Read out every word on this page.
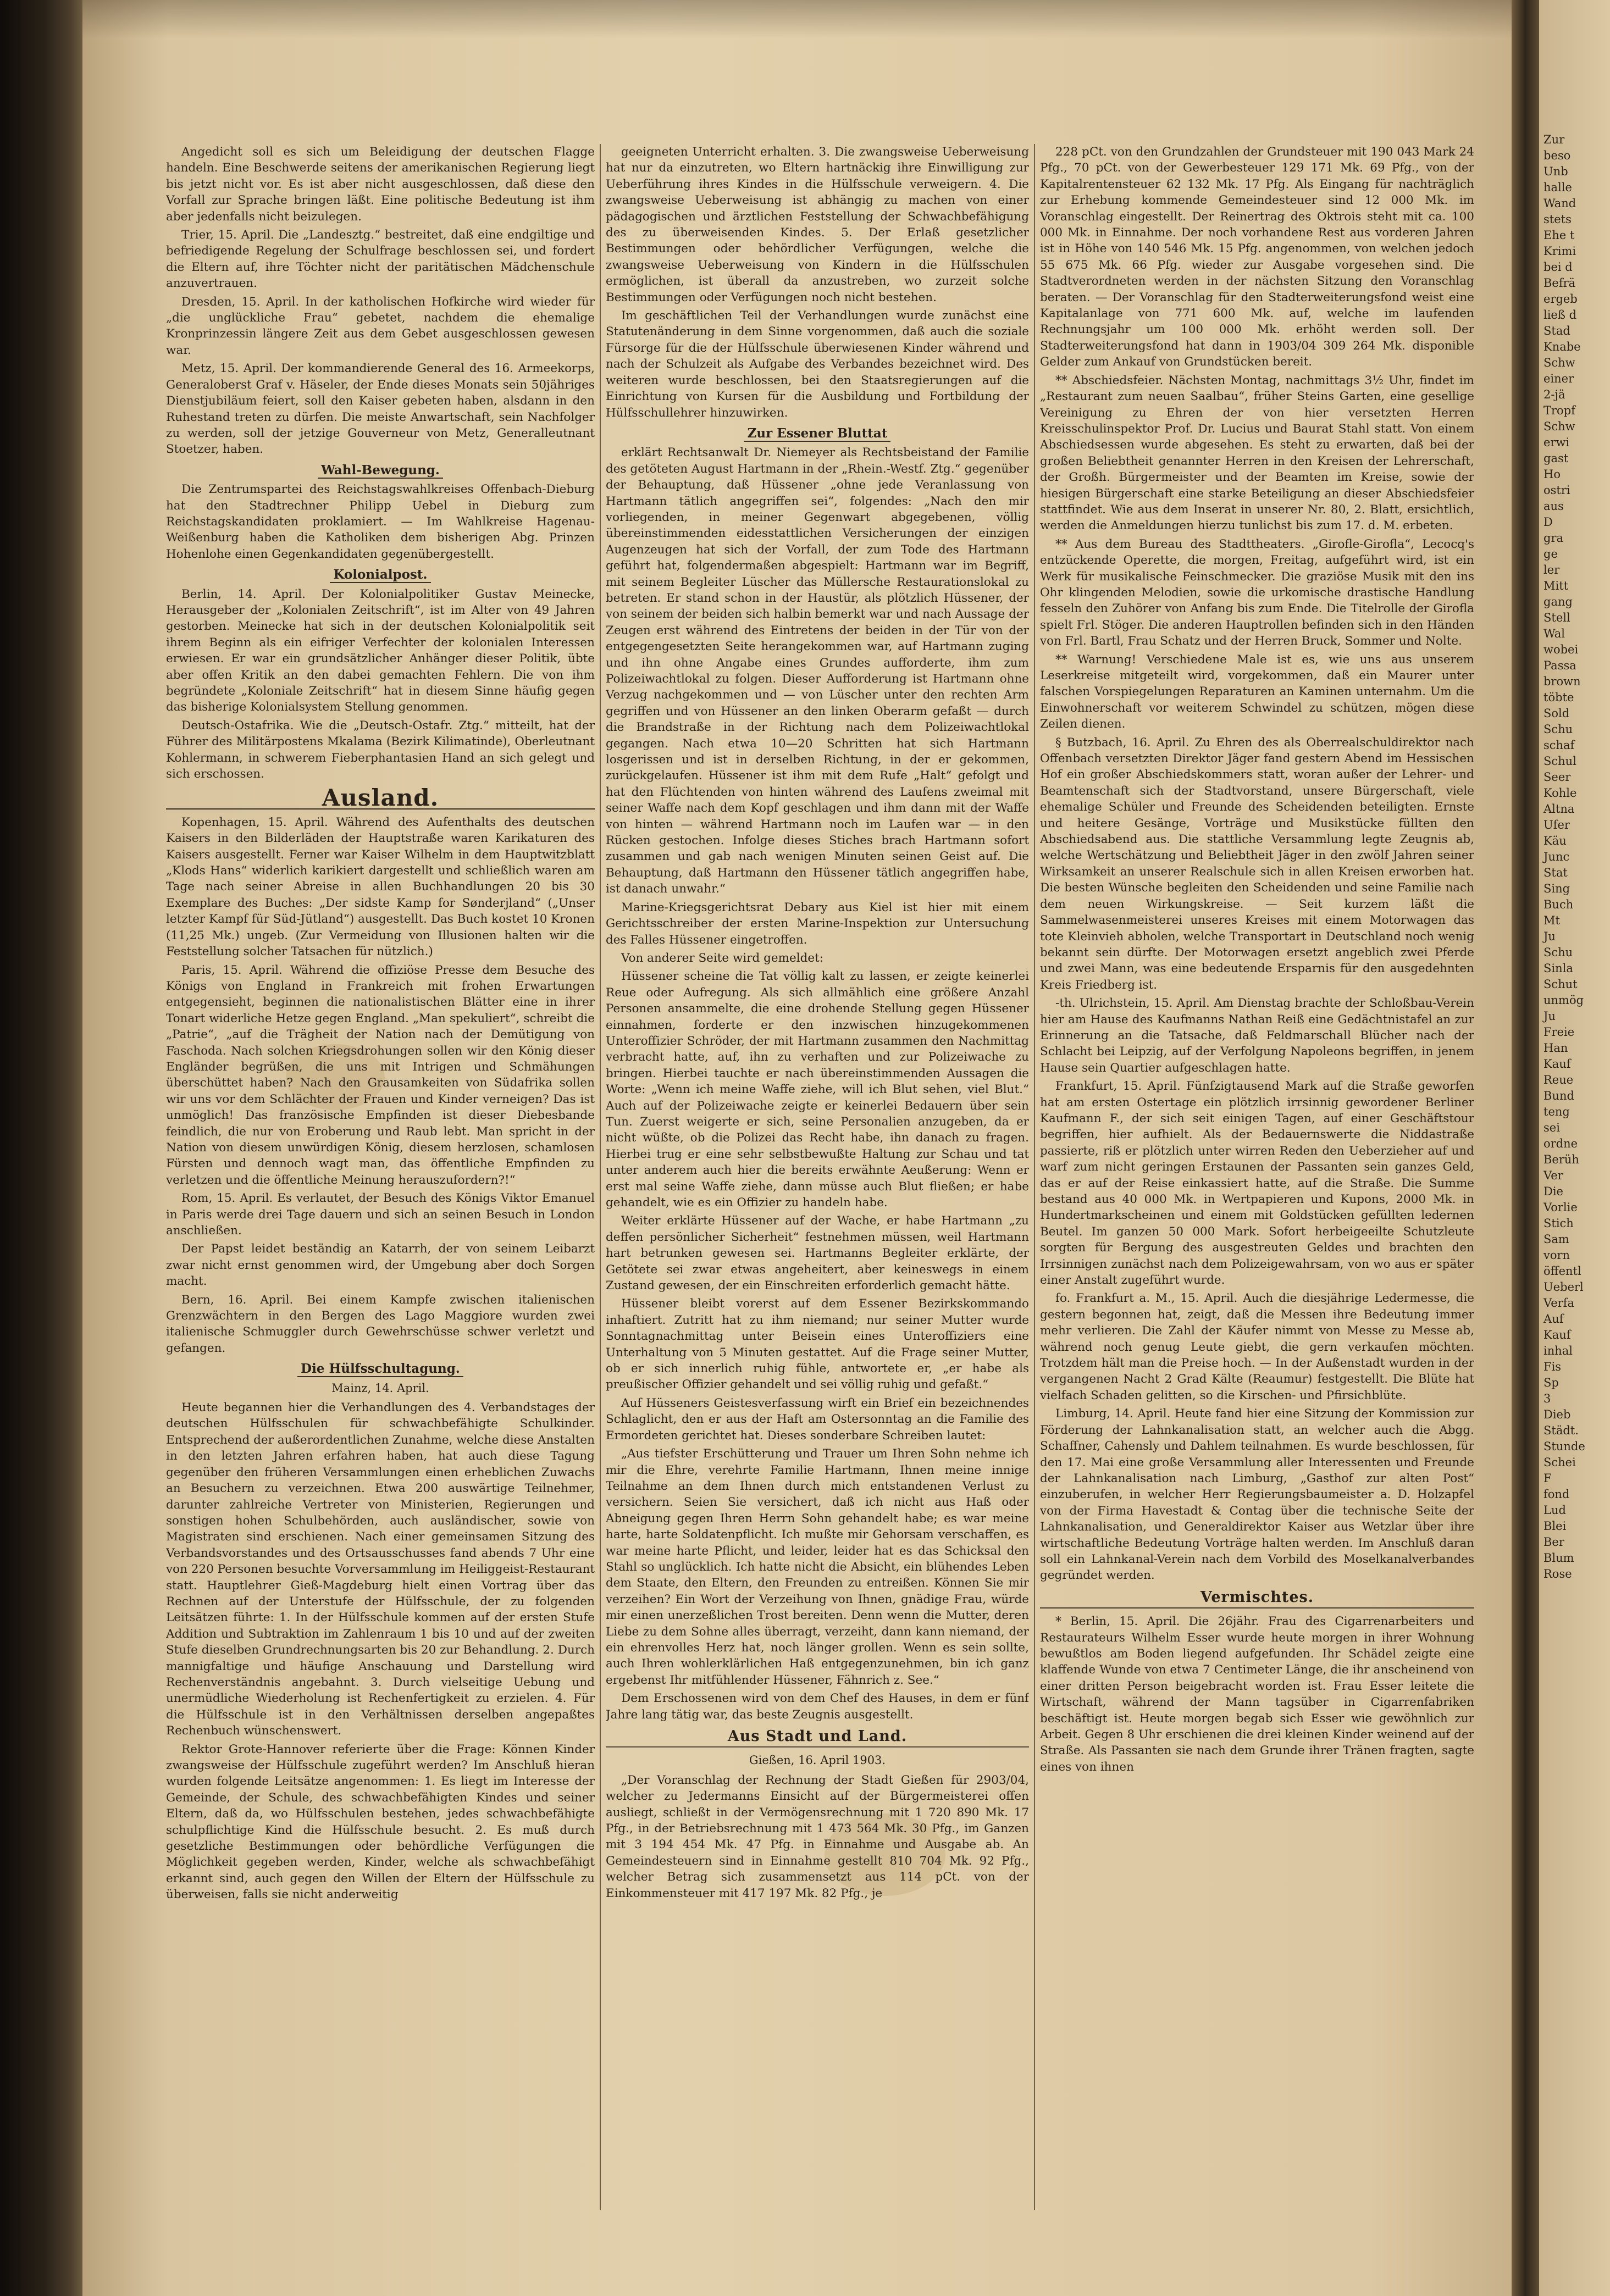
Angedicht soll es sich um Beleidigung der deutschen Flagge handeln. Eine Beschwerde seitens der amerikanischen Regierung liegt bis jetzt nicht vor. Es ist aber nicht ausgeschlossen, daß diese den Vorfall zur Sprache bringen läßt. Eine politische Bedeutung ist ihm aber jedenfalls nicht beizulegen.

Trier, 15. April. Die „Landesztg.“ bestreitet, daß eine endgiltige und befriedigende Regelung der Schulfrage beschlossen sei, und fordert die Eltern auf, ihre Töchter nicht der paritätischen Mädchenschule anzuvertrauen.

Dresden, 15. April. In der katholischen Hofkirche wird wieder für „die unglückliche Frau“ gebetet, nachdem die ehemalige Kronprinzessin längere Zeit aus dem Gebet ausgeschlossen gewesen war.

Metz, 15. April. Der kommandierende General des 16. Armeekorps, Generaloberst Graf v. Häseler, der Ende dieses Monats sein 50jähriges Dienstjubiläum feiert, soll den Kaiser gebeten haben, alsdann in den Ruhestand treten zu dürfen. Die meiste Anwartschaft, sein Nachfolger zu werden, soll der jetzige Gouverneur von Metz, Generalleutnant Stoetzer, haben.

Wahl-Bewegung.

Die Zentrumspartei des Reichstagswahlkreises Offenbach-Dieburg hat den Stadtrechner Philipp Uebel in Dieburg zum Reichstagskandidaten proklamiert. — Im Wahlkreise Hagenau-Weißenburg haben die Katholiken dem bisherigen Abg. Prinzen Hohenlohe einen Gegenkandidaten gegenübergestellt.

Kolonialpost.

Berlin, 14. April. Der Kolonialpolitiker Gustav Meinecke, Herausgeber der „Kolonialen Zeitschrift“, ist im Alter von 49 Jahren gestorben. Meinecke hat sich in der deutschen Kolonialpolitik seit ihrem Beginn als ein eifriger Verfechter der kolonialen Interessen erwiesen. Er war ein grundsätzlicher Anhänger dieser Politik, übte aber offen Kritik an den dabei gemachten Fehlern. Die von ihm begründete „Koloniale Zeitschrift“ hat in diesem Sinne häufig gegen das bisherige Kolonialsystem Stellung genommen.

Deutsch-Ostafrika. Wie die „Deutsch-Ostafr. Ztg.“ mitteilt, hat der Führer des Militärpostens Mkalama (Bezirk Kilimatinde), Oberleutnant Kohlermann, in schwerem Fieberphantasien Hand an sich gelegt und sich erschossen.

Ausland.

Kopenhagen, 15. April. Während des Aufenthalts des deutschen Kaisers in den Bilderläden der Hauptstraße waren Karikaturen des Kaisers ausgestellt. Ferner war Kaiser Wilhelm in dem Hauptwitzblatt „Klods Hans“ widerlich karikiert dargestellt und schließlich waren am Tage nach seiner Abreise in allen Buchhandlungen 20 bis 30 Exemplare des Buches: „Der sidste Kamp for Sønderjland“ („Unser letzter Kampf für Süd-Jütland“) ausgestellt. Das Buch kostet 10 Kronen (11,25 Mk.) ungeb. (Zur Vermeidung von Illusionen halten wir die Feststellung solcher Tatsachen für nützlich.)

Paris, 15. April. Während die offiziöse Presse dem Besuche des Königs von England in Frankreich mit frohen Erwartungen entgegensieht, beginnen die nationalistischen Blätter eine in ihrer Tonart widerliche Hetze gegen England. „Man spekuliert“, schreibt die „Patrie“, „auf die Trägheit der Nation nach der Demütigung von Faschoda. Nach solchen Kriegsdrohungen sollen wir den König dieser Engländer begrüßen, die uns mit Intrigen und Schmähungen überschüttet haben? Nach den Grausamkeiten von Südafrika sollen wir uns vor dem Schlächter der Frauen und Kinder verneigen? Das ist unmöglich! Das französische Empfinden ist dieser Diebesbande feindlich, die nur von Eroberung und Raub lebt. Man spricht in der Nation von diesem unwürdigen König, diesem herzlosen, schamlosen Fürsten und dennoch wagt man, das öffentliche Empfinden zu verletzen und die öffentliche Meinung herauszufordern?!“

Rom, 15. April. Es verlautet, der Besuch des Königs Viktor Emanuel in Paris werde drei Tage dauern und sich an seinen Besuch in London anschließen.

Der Papst leidet beständig an Katarrh, der von seinem Leibarzt zwar nicht ernst genommen wird, der Umgebung aber doch Sorgen macht.

Bern, 16. April. Bei einem Kampfe zwischen italienischen Grenzwächtern in den Bergen des Lago Maggiore wurden zwei italienische Schmuggler durch Gewehrschüsse schwer verletzt und gefangen.

Die Hülfsschultagung.
Mainz, 14. April.

Heute begannen hier die Verhandlungen des 4. Verbandstages der deutschen Hülfsschulen für schwachbefähigte Schulkinder. Entsprechend der außerordentlichen Zunahme, welche diese Anstalten in den letzten Jahren erfahren haben, hat auch diese Tagung gegenüber den früheren Versammlungen einen erheblichen Zuwachs an Besuchern zu verzeichnen. Etwa 200 auswärtige Teilnehmer, darunter zahlreiche Vertreter von Ministerien, Regierungen und sonstigen hohen Schulbehörden, auch ausländischer, sowie von Magistraten sind erschienen. Nach einer gemeinsamen Sitzung des Verbandsvorstandes und des Ortsausschusses fand abends 7 Uhr eine von 220 Personen besuchte Vorversammlung im Heiliggeist-Restaurant statt. Hauptlehrer Gieß-Magdeburg hielt einen Vortrag über das Rechnen auf der Unterstufe der Hülfsschule, der zu folgenden Leitsätzen führte: 1. In der Hülfsschule kommen auf der ersten Stufe Addition und Subtraktion im Zahlenraum 1 bis 10 und auf der zweiten Stufe dieselben Grundrechnungsarten bis 20 zur Behandlung. 2. Durch mannigfaltige und häufige Anschauung und Darstellung wird Rechenverständnis angebahnt. 3. Durch vielseitige Uebung und unermüdliche Wiederholung ist Rechenfertigkeit zu erzielen. 4. Für die Hülfsschule ist in den Verhältnissen derselben angepaßtes Rechenbuch wünschenswert.

Rektor Grote-Hannover referierte über die Frage: Können Kinder zwangsweise der Hülfsschule zugeführt werden? Im Anschluß hieran wurden folgende Leitsätze angenommen: 1. Es liegt im Interesse der Gemeinde, der Schule, des schwachbefähigten Kindes und seiner Eltern, daß da, wo Hülfsschulen bestehen, jedes schwachbefähigte schulpflichtige Kind die Hülfsschule besucht. 2. Es muß durch gesetzliche Bestimmungen oder behördliche Verfügungen die Möglichkeit gegeben werden, Kinder, welche als schwachbefähigt erkannt sind, auch gegen den Willen der Eltern der Hülfsschule zu überweisen, falls sie nicht anderweitig

geeigneten Unterricht erhalten. 3. Die zwangsweise Ueberweisung hat nur da einzutreten, wo Eltern hartnäckig ihre Einwilligung zur Ueberführung ihres Kindes in die Hülfsschule verweigern. 4. Die zwangsweise Ueberweisung ist abhängig zu machen von einer pädagogischen und ärztlichen Feststellung der Schwachbefähigung des zu überweisenden Kindes. 5. Der Erlaß gesetzlicher Bestimmungen oder behördlicher Verfügungen, welche die zwangsweise Ueberweisung von Kindern in die Hülfsschulen ermöglichen, ist überall da anzustreben, wo zurzeit solche Bestimmungen oder Verfügungen noch nicht bestehen.

Im geschäftlichen Teil der Verhandlungen wurde zunächst eine Statutenänderung in dem Sinne vorgenommen, daß auch die soziale Fürsorge für die der Hülfsschule überwiesenen Kinder während und nach der Schulzeit als Aufgabe des Verbandes bezeichnet wird. Des weiteren wurde beschlossen, bei den Staatsregierungen auf die Einrichtung von Kursen für die Ausbildung und Fortbildung der Hülfsschullehrer hinzuwirken.

Zur Essener Bluttat

erklärt Rechtsanwalt Dr. Niemeyer als Rechtsbeistand der Familie des getöteten August Hartmann in der „Rhein.-Westf. Ztg.“ gegenüber der Behauptung, daß Hüssener „ohne jede Veranlassung von Hartmann tätlich angegriffen sei“, folgendes: „Nach den mir vorliegenden, in meiner Gegenwart abgegebenen, völlig übereinstimmenden eidesstattlichen Versicherungen der einzigen Augenzeugen hat sich der Vorfall, der zum Tode des Hartmann geführt hat, folgendermaßen abgespielt: Hartmann war im Begriff, mit seinem Begleiter Lüscher das Müllersche Restaurationslokal zu betreten. Er stand schon in der Haustür, als plötzlich Hüssener, der von seinem der beiden sich halbin bemerkt war und nach Aussage der Zeugen erst während des Eintretens der beiden in der Tür von der entgegengesetzten Seite herangekommen war, auf Hartmann zuging und ihn ohne Angabe eines Grundes aufforderte, ihm zum Polizeiwachtlokal zu folgen. Dieser Aufforderung ist Hartmann ohne Verzug nachgekommen und — von Lüscher unter den rechten Arm gegriffen und von Hüssener an den linken Oberarm gefaßt — durch die Brandstraße in der Richtung nach dem Polizeiwachtlokal gegangen. Nach etwa 10—20 Schritten hat sich Hartmann losgerissen und ist in derselben Richtung, in der er gekommen, zurückgelaufen. Hüssener ist ihm mit dem Rufe „Halt“ gefolgt und hat den Flüchtenden von hinten während des Laufens zweimal mit seiner Waffe nach dem Kopf geschlagen und ihm dann mit der Waffe von hinten — während Hartmann noch im Laufen war — in den Rücken gestochen. Infolge dieses Stiches brach Hartmann sofort zusammen und gab nach wenigen Minuten seinen Geist auf. Die Behauptung, daß Hartmann den Hüssener tätlich angegriffen habe, ist danach unwahr.“

Marine-Kriegsgerichtsrat Debary aus Kiel ist hier mit einem Gerichtsschreiber der ersten Marine-Inspektion zur Untersuchung des Falles Hüssener eingetroffen.

Von anderer Seite wird gemeldet:

Hüssener scheine die Tat völlig kalt zu lassen, er zeigte keinerlei Reue oder Aufregung. Als sich allmählich eine größere Anzahl Personen ansammelte, die eine drohende Stellung gegen Hüssener einnahmen, forderte er den inzwischen hinzugekommenen Unteroffizier Schröder, der mit Hartmann zusammen den Nachmittag verbracht hatte, auf, ihn zu verhaften und zur Polizeiwache zu bringen. Hierbei tauchte er nach übereinstimmenden Aussagen die Worte: „Wenn ich meine Waffe ziehe, will ich Blut sehen, viel Blut.“ Auch auf der Polizeiwache zeigte er keinerlei Bedauern über sein Tun. Zuerst weigerte er sich, seine Personalien anzugeben, da er nicht wüßte, ob die Polizei das Recht habe, ihn danach zu fragen. Hierbei trug er eine sehr selbstbewußte Haltung zur Schau und tat unter anderem auch hier die bereits erwähnte Aeußerung: Wenn er erst mal seine Waffe ziehe, dann müsse auch Blut fließen; er habe gehandelt, wie es ein Offizier zu handeln habe.

Weiter erklärte Hüssener auf der Wache, er habe Hartmann „zu deffen persönlicher Sicherheit“ festnehmen müssen, weil Hartmann hart betrunken gewesen sei. Hartmanns Begleiter erklärte, der Getötete sei zwar etwas angeheitert, aber keineswegs in einem Zustand gewesen, der ein Einschreiten erforderlich gemacht hätte.

Hüssener bleibt vorerst auf dem Essener Bezirkskommando inhaftiert. Zutritt hat zu ihm niemand; nur seiner Mutter wurde Sonntagnachmittag unter Beisein eines Unteroffiziers eine Unterhaltung von 5 Minuten gestattet. Auf die Frage seiner Mutter, ob er sich innerlich ruhig fühle, antwortete er, „er habe als preußischer Offizier gehandelt und sei völlig ruhig und gefaßt.“

Auf Hüsseners Geistesverfassung wirft ein Brief ein bezeichnendes Schlaglicht, den er aus der Haft am Ostersonntag an die Familie des Ermordeten gerichtet hat. Dieses sonderbare Schreiben lautet:

„Aus tiefster Erschütterung und Trauer um Ihren Sohn nehme ich mir die Ehre, verehrte Familie Hartmann, Ihnen meine innige Teilnahme an dem Ihnen durch mich entstandenen Verlust zu versichern. Seien Sie versichert, daß ich nicht aus Haß oder Abneigung gegen Ihren Herrn Sohn gehandelt habe; es war meine harte, harte Soldatenpflicht. Ich mußte mir Gehorsam verschaffen, es war meine harte Pflicht, und leider, leider hat es das Schicksal den Stahl so unglücklich. Ich hatte nicht die Absicht, ein blühendes Leben dem Staate, den Eltern, den Freunden zu entreißen. Können Sie mir verzeihen? Ein Wort der Verzeihung von Ihnen, gnädige Frau, würde mir einen unerzeßlichen Trost bereiten. Denn wenn die Mutter, deren Liebe zu dem Sohne alles überragt, verzeiht, dann kann niemand, der ein ehrenvolles Herz hat, noch länger grollen. Wenn es sein sollte, auch Ihren wohlerklärlichen Haß entgegenzunehmen, bin ich ganz ergebenst Ihr mitfühlender Hüssener, Fähnrich z. See.“

Dem Erschossenen wird von dem Chef des Hauses, in dem er fünf Jahre lang tätig war, das beste Zeugnis ausgestellt.

Aus Stadt und Land.
Gießen, 16. April 1903.

„Der Voranschlag der Rechnung der Stadt Gießen für 2903/04, welcher zu Jedermanns Einsicht auf der Bürgermeisterei offen ausliegt, schließt in der Vermögensrechnung mit 1 720 890 Mk. 17 Pfg., in der Betriebsrechnung mit 1 473 564 Mk. 30 Pfg., im Ganzen mit 3 194 454 Mk. 47 Pfg. in Einnahme und Ausgabe ab. An Gemeindesteuern sind in Einnahme gestellt 810 704 Mk. 92 Pfg., welcher Betrag sich zusammensetzt aus 114 pCt. von der Einkommensteuer mit 417 197 Mk. 82 Pfg., je

228 pCt. von den Grundzahlen der Grundsteuer mit 190 043 Mark 24 Pfg., 70 pCt. von der Gewerbesteuer 129 171 Mk. 69 Pfg., von der Kapitalrentensteuer 62 132 Mk. 17 Pfg. Als Eingang für nachträglich zur Erhebung kommende Gemeindesteuer sind 12 000 Mk. im Voranschlag eingestellt. Der Reinertrag des Oktrois steht mit ca. 100 000 Mk. in Einnahme. Der noch vorhandene Rest aus vorderen Jahren ist in Höhe von 140 546 Mk. 15 Pfg. angenommen, von welchen jedoch 55 675 Mk. 66 Pfg. wieder zur Ausgabe vorgesehen sind. Die Stadtverordneten werden in der nächsten Sitzung den Voranschlag beraten. — Der Voranschlag für den Stadterweiterungsfond weist eine Kapitalanlage von 771 600 Mk. auf, welche im laufenden Rechnungsjahr um 100 000 Mk. erhöht werden soll. Der Stadterweiterungsfond hat dann in 1903/04 309 264 Mk. disponible Gelder zum Ankauf von Grundstücken bereit.

** Abschiedsfeier. Nächsten Montag, nachmittags 3½ Uhr, findet im „Restaurant zum neuen Saalbau“, früher Steins Garten, eine gesellige Vereinigung zu Ehren der von hier versetzten Herren Kreisschulinspektor Prof. Dr. Lucius und Baurat Stahl statt. Von einem Abschiedsessen wurde abgesehen. Es steht zu erwarten, daß bei der großen Beliebtheit genannter Herren in den Kreisen der Lehrerschaft, der Großh. Bürgermeister und der Beamten im Kreise, sowie der hiesigen Bürgerschaft eine starke Beteiligung an dieser Abschiedsfeier stattfindet. Wie aus dem Inserat in unserer Nr. 80, 2. Blatt, ersichtlich, werden die Anmeldungen hierzu tunlichst bis zum 17. d. M. erbeten.

** Aus dem Bureau des Stadttheaters. „Girofle-Girofla“, Lecocq's entzückende Operette, die morgen, Freitag, aufgeführt wird, ist ein Werk für musikalische Feinschmecker. Die graziöse Musik mit den ins Ohr klingenden Melodien, sowie die urkomische drastische Handlung fesseln den Zuhörer von Anfang bis zum Ende. Die Titelrolle der Girofla spielt Frl. Stöger. Die anderen Hauptrollen befinden sich in den Händen von Frl. Bartl, Frau Schatz und der Herren Bruck, Sommer und Nolte.

** Warnung! Verschiedene Male ist es, wie uns aus unserem Leserkreise mitgeteilt wird, vorgekommen, daß ein Maurer unter falschen Vorspiegelungen Reparaturen an Kaminen unternahm. Um die Einwohnerschaft vor weiterem Schwindel zu schützen, mögen diese Zeilen dienen.

§ Butzbach, 16. April. Zu Ehren des als Oberrealschuldirektor nach Offenbach versetzten Direktor Jäger fand gestern Abend im Hessischen Hof ein großer Abschiedskommers statt, woran außer der Lehrer- und Beamtenschaft sich der Stadtvorstand, unsere Bürgerschaft, viele ehemalige Schüler und Freunde des Scheidenden beteiligten. Ernste und heitere Gesänge, Vorträge und Musikstücke füllten den Abschiedsabend aus. Die stattliche Versammlung legte Zeugnis ab, welche Wertschätzung und Beliebtheit Jäger in den zwölf Jahren seiner Wirksamkeit an unserer Realschule sich in allen Kreisen erworben hat. Die besten Wünsche begleiten den Scheidenden und seine Familie nach dem neuen Wirkungskreise. — Seit kurzem läßt die Sammelwasenmeisterei unseres Kreises mit einem Motorwagen das tote Kleinvieh abholen, welche Transportart in Deutschland noch wenig bekannt sein dürfte. Der Motorwagen ersetzt angeblich zwei Pferde und zwei Mann, was eine bedeutende Ersparnis für den ausgedehnten Kreis Friedberg ist.

-th. Ulrichstein, 15. April. Am Dienstag brachte der Schloßbau-Verein hier am Hause des Kaufmanns Nathan Reiß eine Gedächtnistafel an zur Erinnerung an die Tatsache, daß Feldmarschall Blücher nach der Schlacht bei Leipzig, auf der Verfolgung Napoleons begriffen, in jenem Hause sein Quartier aufgeschlagen hatte.

Frankfurt, 15. April. Fünfzigtausend Mark auf die Straße geworfen hat am ersten Ostertage ein plötzlich irrsinnig gewordener Berliner Kaufmann F., der sich seit einigen Tagen, auf einer Geschäftstour begriffen, hier aufhielt. Als der Bedauernswerte die Niddastraße passierte, riß er plötzlich unter wirren Reden den Ueberzieher auf und warf zum nicht geringen Erstaunen der Passanten sein ganzes Geld, das er auf der Reise einkassiert hatte, auf die Straße. Die Summe bestand aus 40 000 Mk. in Wertpapieren und Kupons, 2000 Mk. in Hundertmarkscheinen und einem mit Goldstücken gefüllten ledernen Beutel. Im ganzen 50 000 Mark. Sofort herbeigeeilte Schutzleute sorgten für Bergung des ausgestreuten Geldes und brachten den Irrsinnigen zunächst nach dem Polizeigewahrsam, von wo aus er später einer Anstalt zugeführt wurde.

fo. Frankfurt a. M., 15. April. Auch die diesjährige Ledermesse, die gestern begonnen hat, zeigt, daß die Messen ihre Bedeutung immer mehr verlieren. Die Zahl der Käufer nimmt von Messe zu Messe ab, während noch genug Leute giebt, die gern verkaufen möchten. Trotzdem hält man die Preise hoch. — In der Außenstadt wurden in der vergangenen Nacht 2 Grad Kälte (Reaumur) festgestellt. Die Blüte hat vielfach Schaden gelitten, so die Kirschen- und Pfirsichblüte.

Limburg, 14. April. Heute fand hier eine Sitzung der Kommission zur Förderung der Lahnkanalisation statt, an welcher auch die Abgg. Schaffner, Cahensly und Dahlem teilnahmen. Es wurde beschlossen, für den 17. Mai eine große Versammlung aller Interessenten und Freunde der Lahnkanalisation nach Limburg, „Gasthof zur alten Post“ einzuberufen, in welcher Herr Regierungsbaumeister a. D. Holzapfel von der Firma Havestadt & Contag über die technische Seite der Lahnkanalisation, und Generaldirektor Kaiser aus Wetzlar über ihre wirtschaftliche Bedeutung Vorträge halten werden. Im Anschluß daran soll ein Lahnkanal-Verein nach dem Vorbild des Moselkanalverbandes gegründet werden.

Vermischtes.

* Berlin, 15. April. Die 26jähr. Frau des Cigarrenarbeiters und Restaurateurs Wilhelm Esser wurde heute morgen in ihrer Wohnung bewußtlos am Boden liegend aufgefunden. Ihr Schädel zeigte eine klaffende Wunde von etwa 7 Centimeter Länge, die ihr anscheinend von einer dritten Person beigebracht worden ist. Frau Esser leitete die Wirtschaft, während der Mann tagsüber in Cigarrenfabriken beschäftigt ist. Heute morgen begab sich Esser wie gewöhnlich zur Arbeit. Gegen 8 Uhr erschienen die drei kleinen Kinder weinend auf der Straße. Als Passanten sie nach dem Grunde ihrer Tränen fragten, sagte eines von ihnen

Zur
beso
Unb
halle
Wand
stets
Ehe t
Krimi
bei d
Befrä
ergeb
ließ d
Stad
Knabe
Schw
einer
2-jä
Tropf
Schw
erwi
gast
Ho
ostri
aus
D
gra
ge
ler
Mitt
gang
Stell
Wal
wobei
Passa
brown
töbte
Sold
Schu
schaf
Schul
Seer
Kohle
Altna
Ufer
Käu
Junc
Stat
Sing
Buch
Mt
Ju
Schu
Sinla
Schut
unmög
Ju
Freie
Han
Kauf
Reue
Bund
teng
sei
ordne
Berüh
Ver
Die
Vorlie
Stich
Sam
vorn
öffentl
Ueberl
Verfa
Auf
Kauf
inhal
Fis
Sp
3
Dieb
Städt.
Stunde
Schei
F
fond
Lud
Blei
Ber
Blum
Rose
